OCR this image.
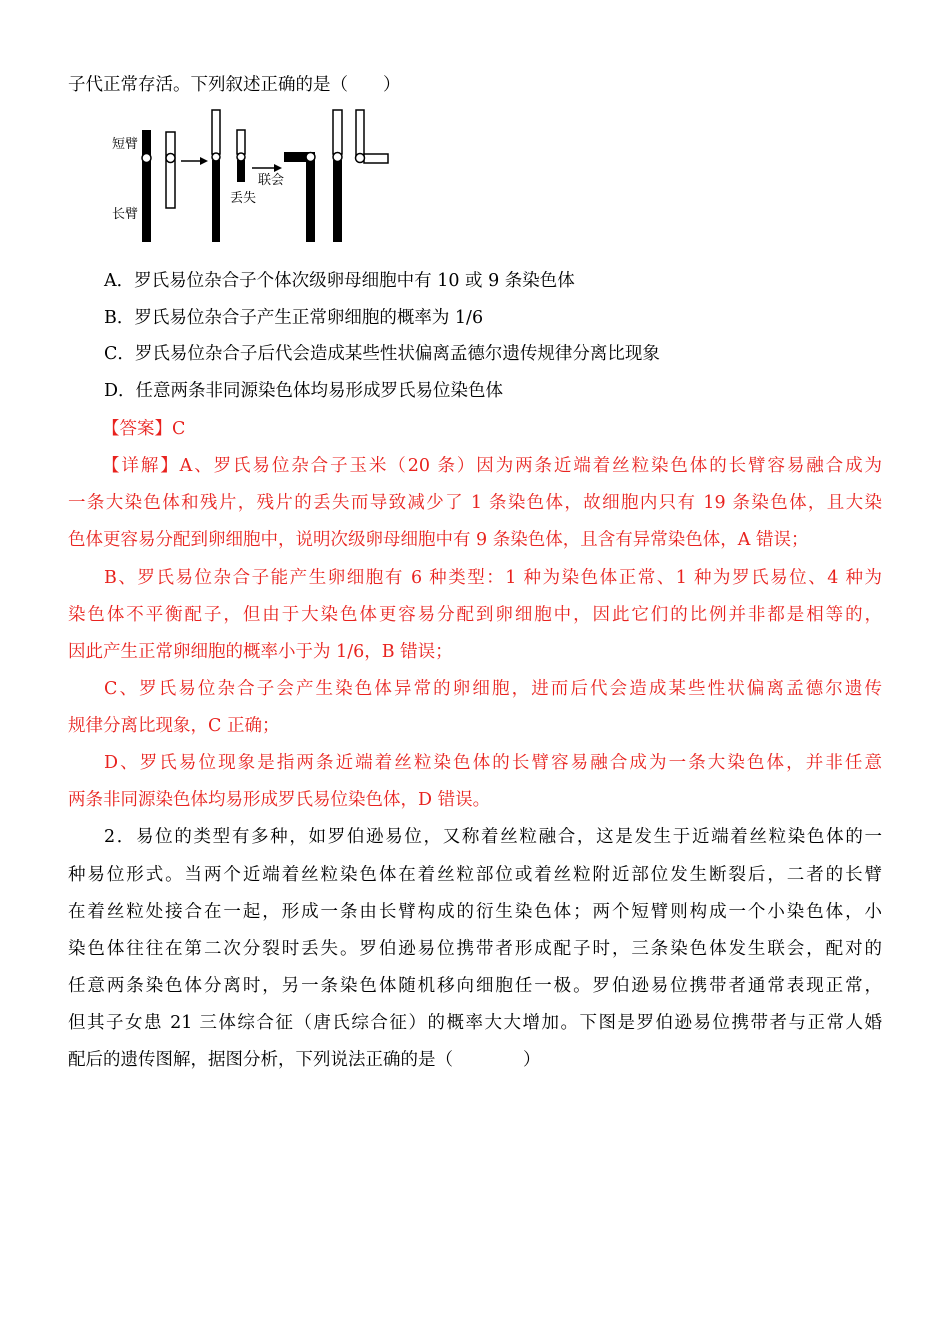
子代正常存活。下列叙述正确的是（　　）
短臂
长臂
丢失
联会
A．罗氏易位杂合子个体次级卵母细胞中有 10 或 9 条染色体
B．罗氏易位杂合子产生正常卵细胞的概率为 1/6
C．罗氏易位杂合子后代会造成某些性状偏离孟德尔遗传规律分离比现象
D．任意两条非同源染色体均易形成罗氏易位染色体
【答案】C
【详解】A、罗氏易位杂合子玉米（20 条）因为两条近端着丝粒染色体的长臂容易融合成为
一条大染色体和残片，残片的丢失而导致减少了 1 条染色体，故细胞内只有 19 条染色体，且大染
色体更容易分配到卵细胞中，说明次级卵母细胞中有 9 条染色体，且含有异常染色体，A 错误；
B、罗氏易位杂合子能产生卵细胞有 6 种类型：1 种为染色体正常、1 种为罗氏易位、4 种为
染色体不平衡配子，但由于大染色体更容易分配到卵细胞中，因此它们的比例并非都是相等的，
因此产生正常卵细胞的概率小于为 1/6，B 错误；
C、罗氏易位杂合子会产生染色体异常的卵细胞，进而后代会造成某些性状偏离孟德尔遗传
规律分离比现象，C 正确；
D、罗氏易位现象是指两条近端着丝粒染色体的长臂容易融合成为一条大染色体，并非任意
两条非同源染色体均易形成罗氏易位染色体，D 错误。
2．易位的类型有多种，如罗伯逊易位，又称着丝粒融合，这是发生于近端着丝粒染色体的一
种易位形式。当两个近端着丝粒染色体在着丝粒部位或着丝粒附近部位发生断裂后，二者的长臂
在着丝粒处接合在一起，形成一条由长臂构成的衍生染色体；两个短臂则构成一个小染色体，小
染色体往往在第二次分裂时丢失。罗伯逊易位携带者形成配子时，三条染色体发生联会，配对的
任意两条染色体分离时，另一条染色体随机移向细胞任一极。罗伯逊易位携带者通常表现正常，
但其子女患 21 三体综合征（唐氏综合征）的概率大大增加。下图是罗伯逊易位携带者与正常人婚
配后的遗传图解，据图分析，下列说法正确的是（　　　　）
